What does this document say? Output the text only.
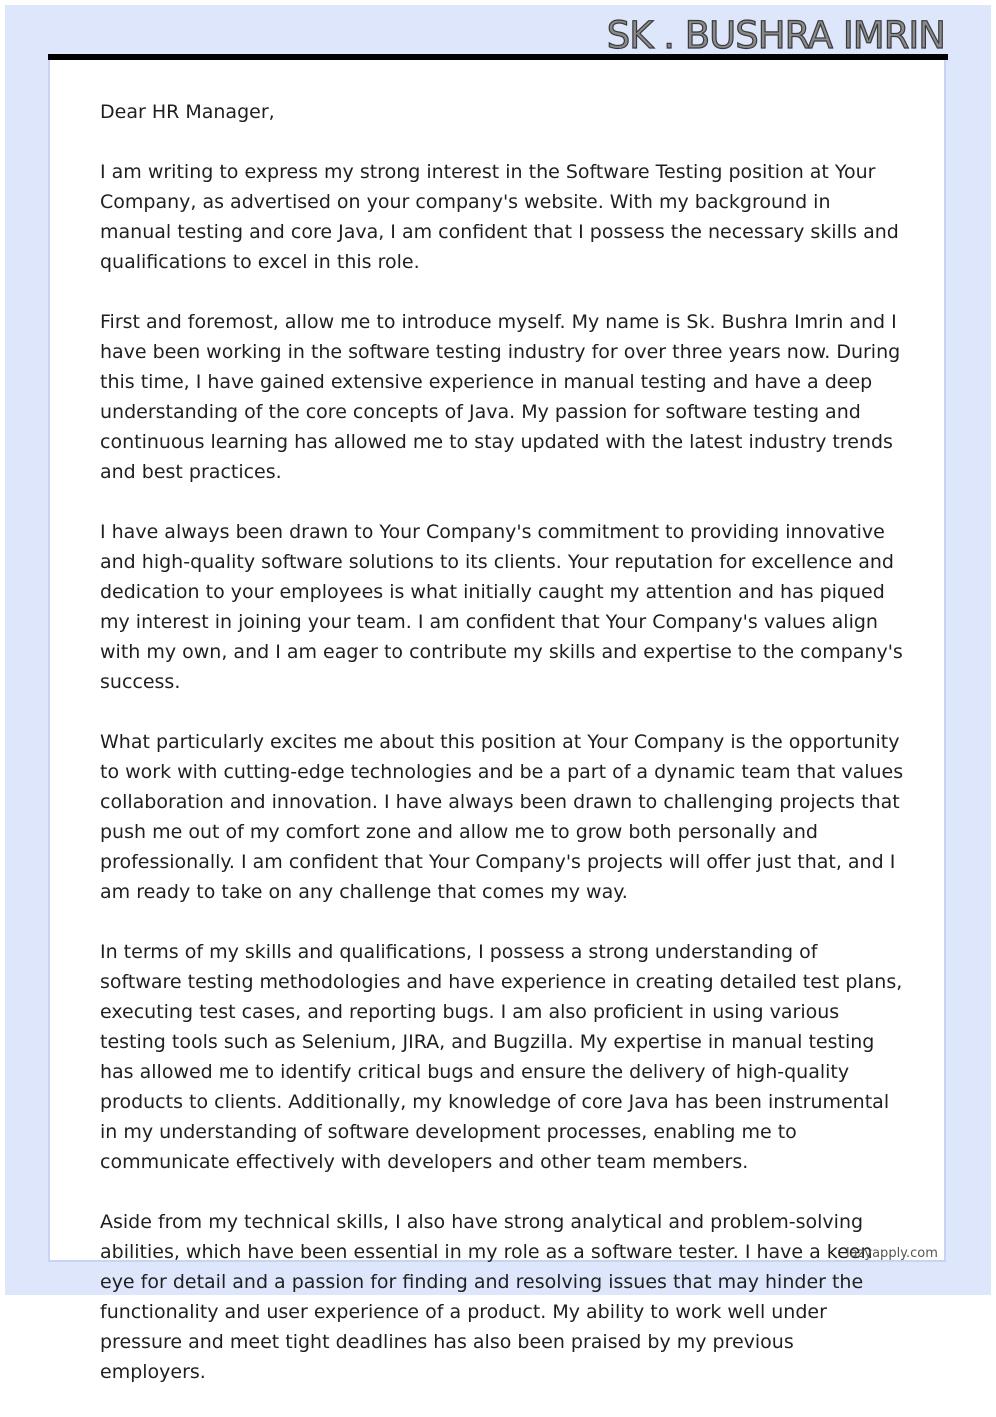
SK . BUSHRA IMRIN

Dear HR Manager,

I am writing to express my strong interest in the Software Testing position at Your Company, as advertised on your company's website. With my background in manual testing and core Java, I am confident that I possess the necessary skills and qualifications to excel in this role.

First and foremost, allow me to introduce myself. My name is Sk. Bushra Imrin and I have been working in the software testing industry for over three years now. During this time, I have gained extensive experience in manual testing and have a deep understanding of the core concepts of Java. My passion for software testing and continuous learning has allowed me to stay updated with the latest industry trends and best practices.

I have always been drawn to Your Company's commitment to providing innovative and high-quality software solutions to its clients. Your reputation for excellence and dedication to your employees is what initially caught my attention and has piqued my interest in joining your team. I am confident that Your Company's values align with my own, and I am eager to contribute my skills and expertise to the company's success.

What particularly excites me about this position at Your Company is the opportunity to work with cutting-edge technologies and be a part of a dynamic team that values collaboration and innovation. I have always been drawn to challenging projects that push me out of my comfort zone and allow me to grow both personally and professionally. I am confident that Your Company's projects will offer just that, and I am ready to take on any challenge that comes my way.

In terms of my skills and qualifications, I possess a strong understanding of software testing methodologies and have experience in creating detailed test plans, executing test cases, and reporting bugs. I am also proficient in using various testing tools such as Selenium, JIRA, and Bugzilla. My expertise in manual testing has allowed me to identify critical bugs and ensure the delivery of high-quality products to clients. Additionally, my knowledge of core Java has been instrumental in my understanding of software development processes, enabling me to communicate effectively with developers and other team members.

Aside from my technical skills, I also have strong analytical and problem-solving abilities, which have been essential in my role as a software tester. I have a keen eye for detail and a passion for finding and resolving issues that may hinder the functionality and user experience of a product. My ability to work well under pressure and meet tight deadlines has also been praised by my previous employers.

lazyapply.com
